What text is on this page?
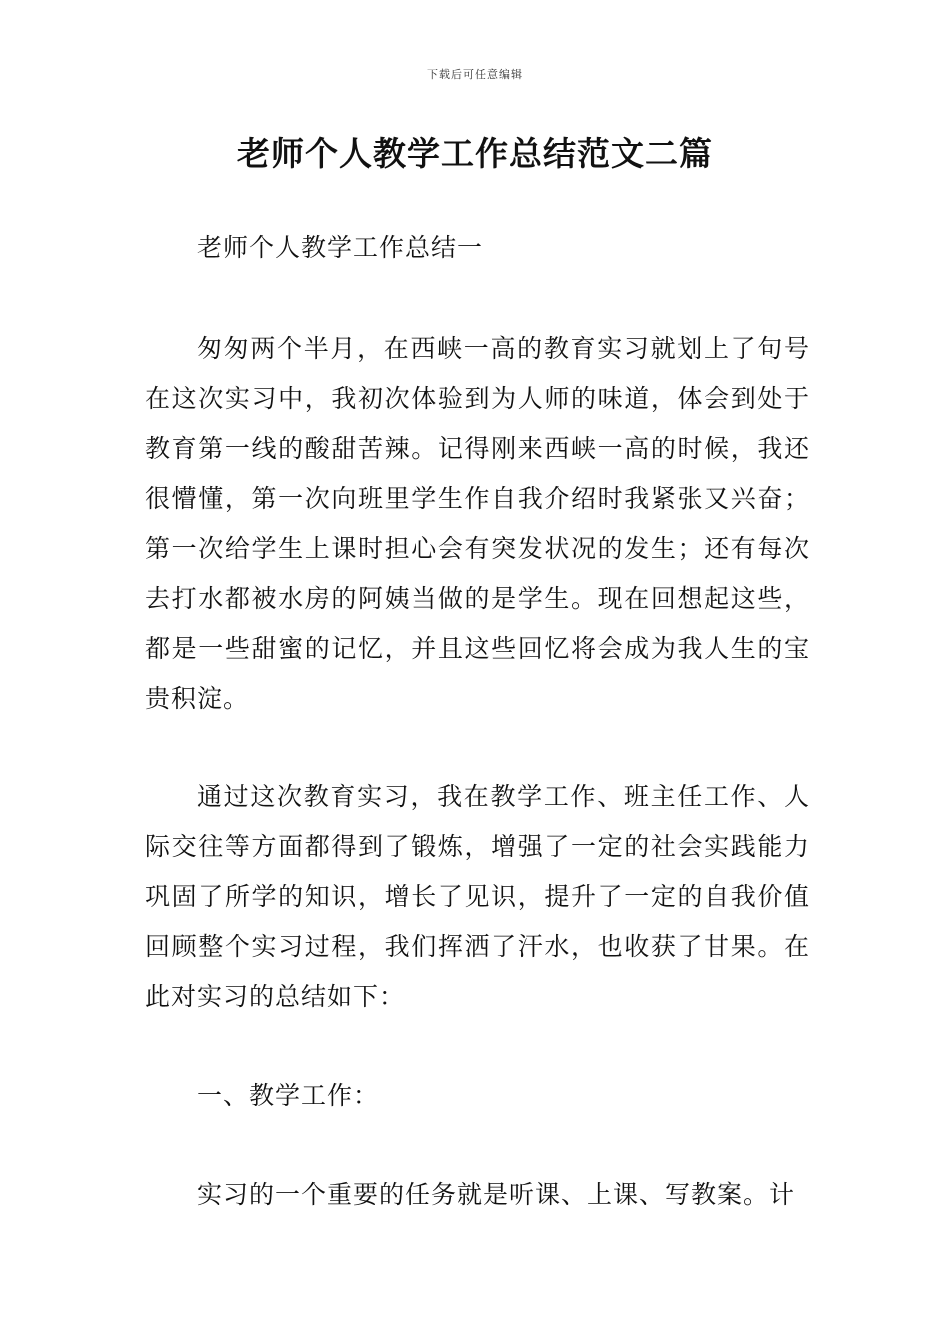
下载后可任意编辑
老师个人教学工作总结范文二篇

老师个人教学工作总结一

匆匆两个半月，在西峡一高的教育实习就划上了句号在这次实习中，我初次体验到为人师的味道，体会到处于教育第一线的酸甜苦辣。记得刚来西峡一高的时候，我还很懵懂，第一次向班里学生作自我介绍时我紧张又兴奋；第一次给学生上课时担心会有突发状况的发生；还有每次去打水都被水房的阿姨当做的是学生。现在回想起这些，都是一些甜蜜的记忆，并且这些回忆将会成为我人生的宝贵积淀。

通过这次教育实习，我在教学工作、班主任工作、人际交往等方面都得到了锻炼，增强了一定的社会实践能力巩固了所学的知识，增长了见识，提升了一定的自我价值回顾整个实习过程，我们挥洒了汗水，也收获了甘果。在此对实习的总结如下：

一、教学工作：

实习的一个重要的任务就是听课、上课、写教案。计
